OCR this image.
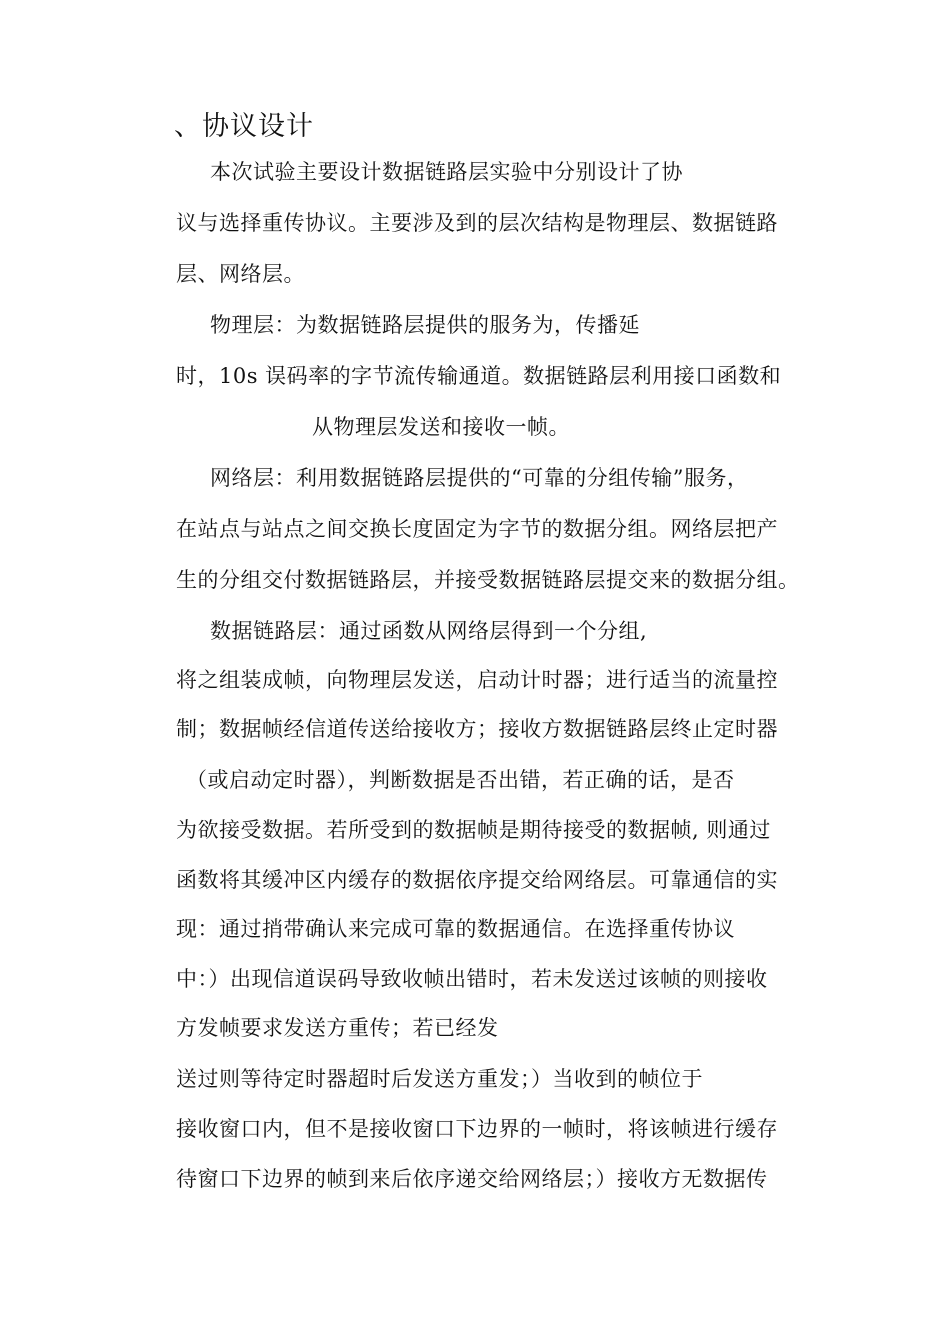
、协议设计
本次试验主要设计数据链路层实验中分别设计了协
议与选择重传协议。主要涉及到的层次结构是物理层、数据链路
层、网络层。
物理层：为数据链路层提供的服务为，传播延
时，10s 误码率的字节流传输通道。数据链路层利用接口函数和
从物理层发送和接收一帧。
网络层：利用数据链路层提供的“可靠的分组传输”服务，
在站点与站点之间交换长度固定为字节的数据分组。网络层把产
生的分组交付数据链路层，并接受数据链路层提交来的数据分组。
数据链路层：通过函数从网络层得到一个分组,
将之组装成帧，向物理层发送，启动计时器；进行适当的流量控
制；数据帧经信道传送给接收方；接收方数据链路层终止定时器
（或启动定时器），判断数据是否出错，若正确的话，是否
为欲接受数据。若所受到的数据帧是期待接受的数据帧, 则通过
函数将其缓冲区内缓存的数据依序提交给网络层。可靠通信的实
现：通过捎带确认来完成可靠的数据通信。在选择重传协议
中：）出现信道误码导致收帧出错时，若未发送过该帧的则接收
方发帧要求发送方重传；若已经发
送过则等待定时器超时后发送方重发；）当收到的帧位于
接收窗口内，但不是接收窗口下边界的一帧时，将该帧进行缓存
待窗口下边界的帧到来后依序递交给网络层；）接收方无数据传
